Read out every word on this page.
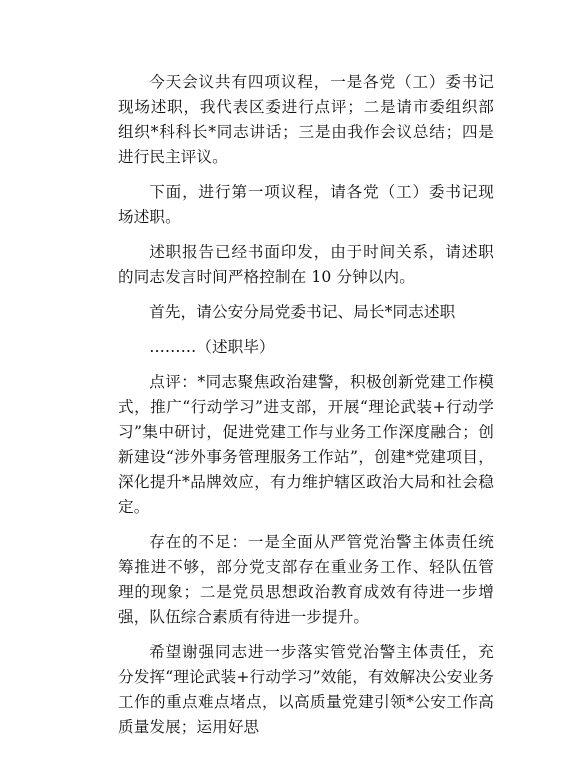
今天会议共有四项议程，一是各党（工）委书记现场述职，我代表区委进行点评；二是请市委组织部组织*科科长*同志讲话；三是由我作会议总结；四是进行民主评议。

下面，进行第一项议程，请各党（工）委书记现场述职。

述职报告已经书面印发，由于时间关系，请述职的同志发言时间严格控制在 10 分钟以内。

首先，请公安分局党委书记、局长*同志述职

………（述职毕）

点评：*同志聚焦政治建警，积极创新党建工作模式，推广“行动学习”进支部，开展“理论武装+行动学习”集中研讨，促进党建工作与业务工作深度融合；创新建设“涉外事务管理服务工作站”，创建*党建项目，深化提升*品牌效应，有力维护辖区政治大局和社会稳定。

存在的不足：一是全面从严管党治警主体责任统筹推进不够，部分党支部存在重业务工作、轻队伍管理的现象；二是党员思想政治教育成效有待进一步增强，队伍综合素质有待进一步提升。

希望谢强同志进一步落实管党治警主体责任，充分发挥“理论武装+行动学习”效能，有效解决公安业务工作的重点难点堵点，以高质量党建引领*公安工作高质量发展；运用好思
